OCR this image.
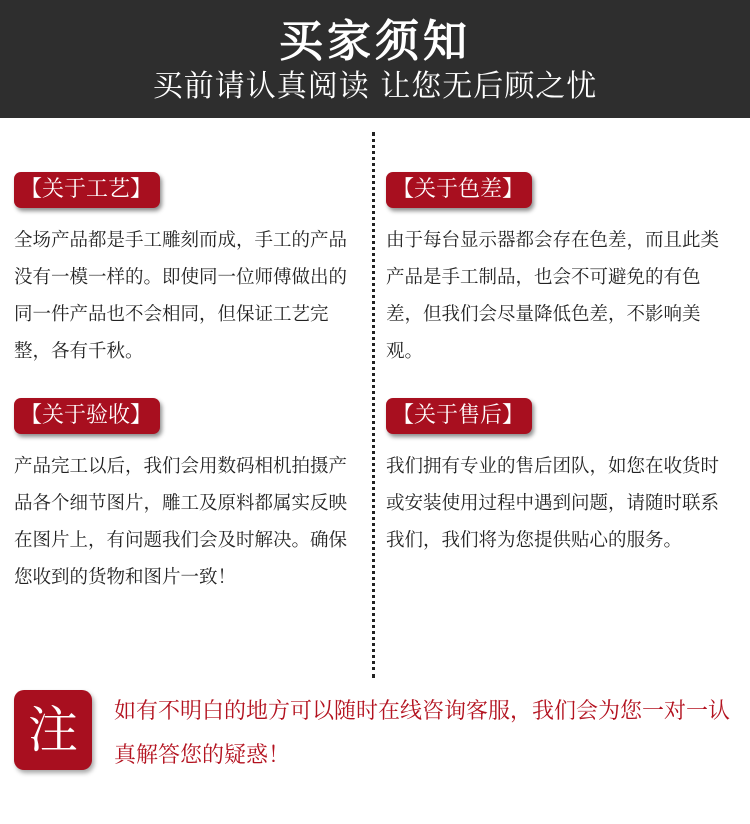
买家须知
买前请认真阅读 让您无后顾之忧
【关于工艺】
全场产品都是手工雕刻而成，手工的产品没有一模一样的。即使同一位师傅做出的同一件产品也不会相同，但保证工艺完整，各有千秋。
【关于色差】
由于每台显示器都会存在色差，而且此类产品是手工制品，也会不可避免的有色差，但我们会尽量降低色差，不影响美观。
【关于验收】
产品完工以后，我们会用数码相机拍摄产品各个细节图片，雕工及原料都属实反映在图片上，有问题我们会及时解决。确保您收到的货物和图片一致！
【关于售后】
我们拥有专业的售后团队，如您在收货时或安装使用过程中遇到问题，请随时联系我们，我们将为您提供贴心的服务。
注	如有不明白的地方可以随时在线咨询客服，我们会为您一对一认真解答您的疑惑！
